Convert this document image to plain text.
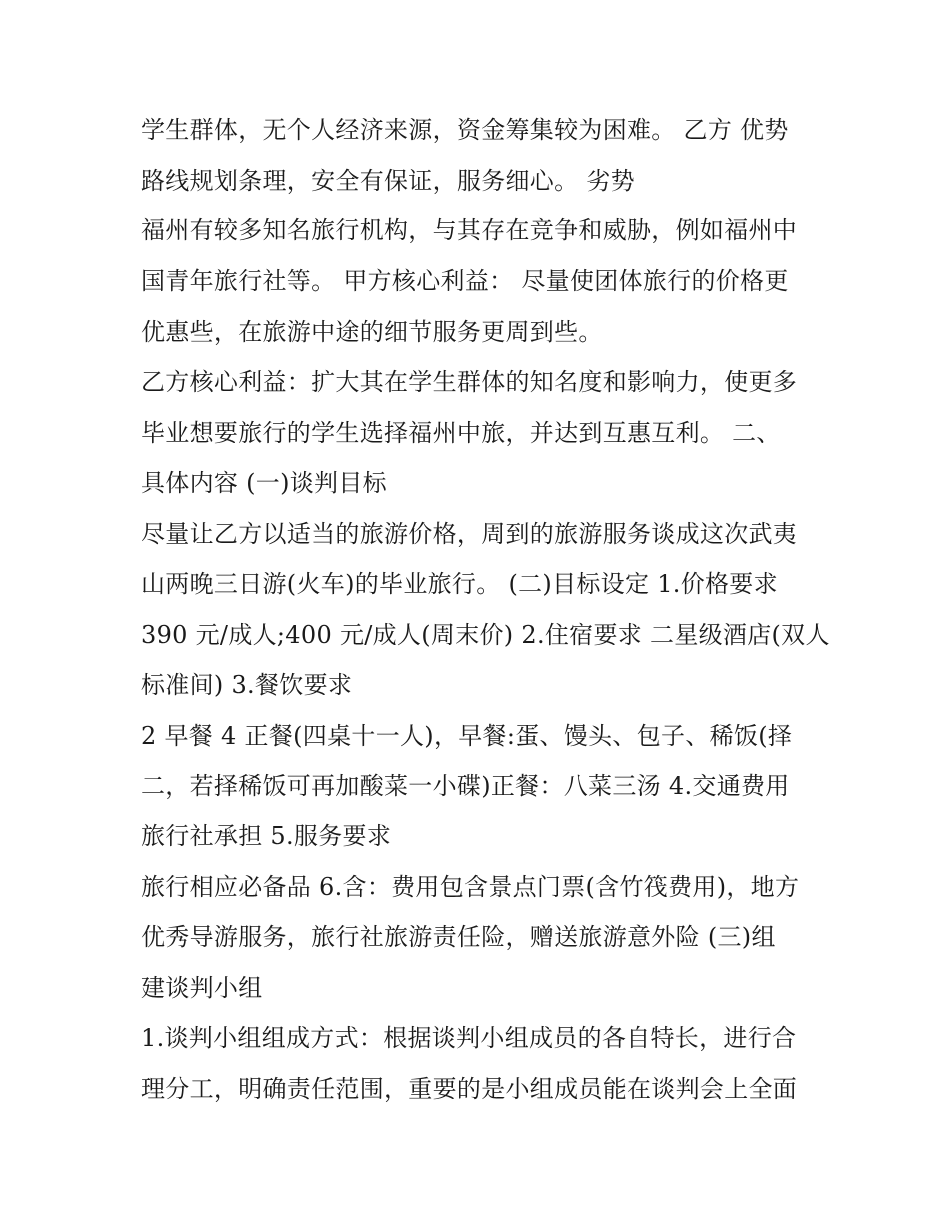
学生群体，无个人经济来源，资金筹集较为困难。 乙方 优势
路线规划条理，安全有保证，服务细心。 劣势
福州有较多知名旅行机构，与其存在竞争和威胁，例如福州中
国青年旅行社等。 甲方核心利益： 尽量使团体旅行的价格更
优惠些，在旅游中途的细节服务更周到些。
乙方核心利益：扩大其在学生群体的知名度和影响力，使更多
毕业想要旅行的学生选择福州中旅，并达到互惠互利。 二、
具体内容 (一)谈判目标
尽量让乙方以适当的旅游价格，周到的旅游服务谈成这次武夷
山两晚三日游(火车)的毕业旅行。 (二)目标设定 1.价格要求
390 元/成人;400 元/成人(周末价) 2.住宿要求 二星级酒店(双人
标准间) 3.餐饮要求
2 早餐 4 正餐(四桌十一人)，早餐:蛋、馒头、包子、稀饭(择
二，若择稀饭可再加酸菜一小碟)正餐：八菜三汤 4.交通费用
旅行社承担 5.服务要求
旅行相应必备品 6.含：费用包含景点门票(含竹筏费用)，地方
优秀导游服务，旅行社旅游责任险，赠送旅游意外险 (三)组
建谈判小组
1.谈判小组组成方式：根据谈判小组成员的各自特长，进行合
理分工，明确责任范围，重要的是小组成员能在谈判会上全面
